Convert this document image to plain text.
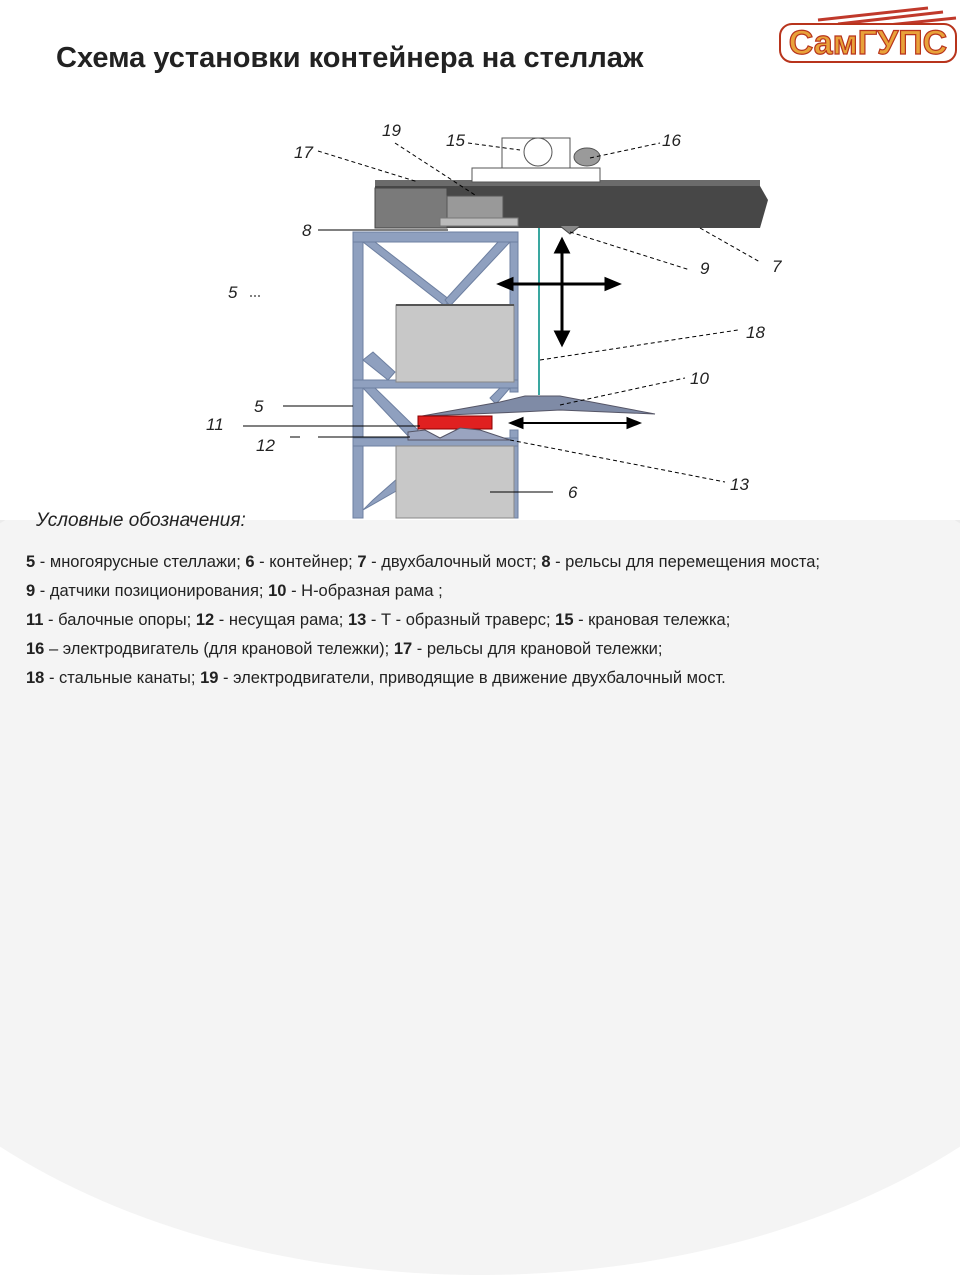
Схема установки контейнера на стеллаж	СамГУПС
17
19
15	16
8
9	7
5
18
10
5
11
12
13
6
Условные обозначения:
5 - многоярусные стеллажи; 6 - контейнер; 7 - двухбалочный мост; 8 - рельсы для перемещения моста; 9 - датчики позиционирования; 10 - Н-образная рама ;
11 - балочные опоры; 12 - несущая рама; 13 - Т - образный траверс; 15 - крановая тележка;
16 – электродвигатель (для крановой тележки); 17 - рельсы для крановой тележки;
18 - стальные канаты; 19 - электродвигатели, приводящие в движение двухбалочный мост.
